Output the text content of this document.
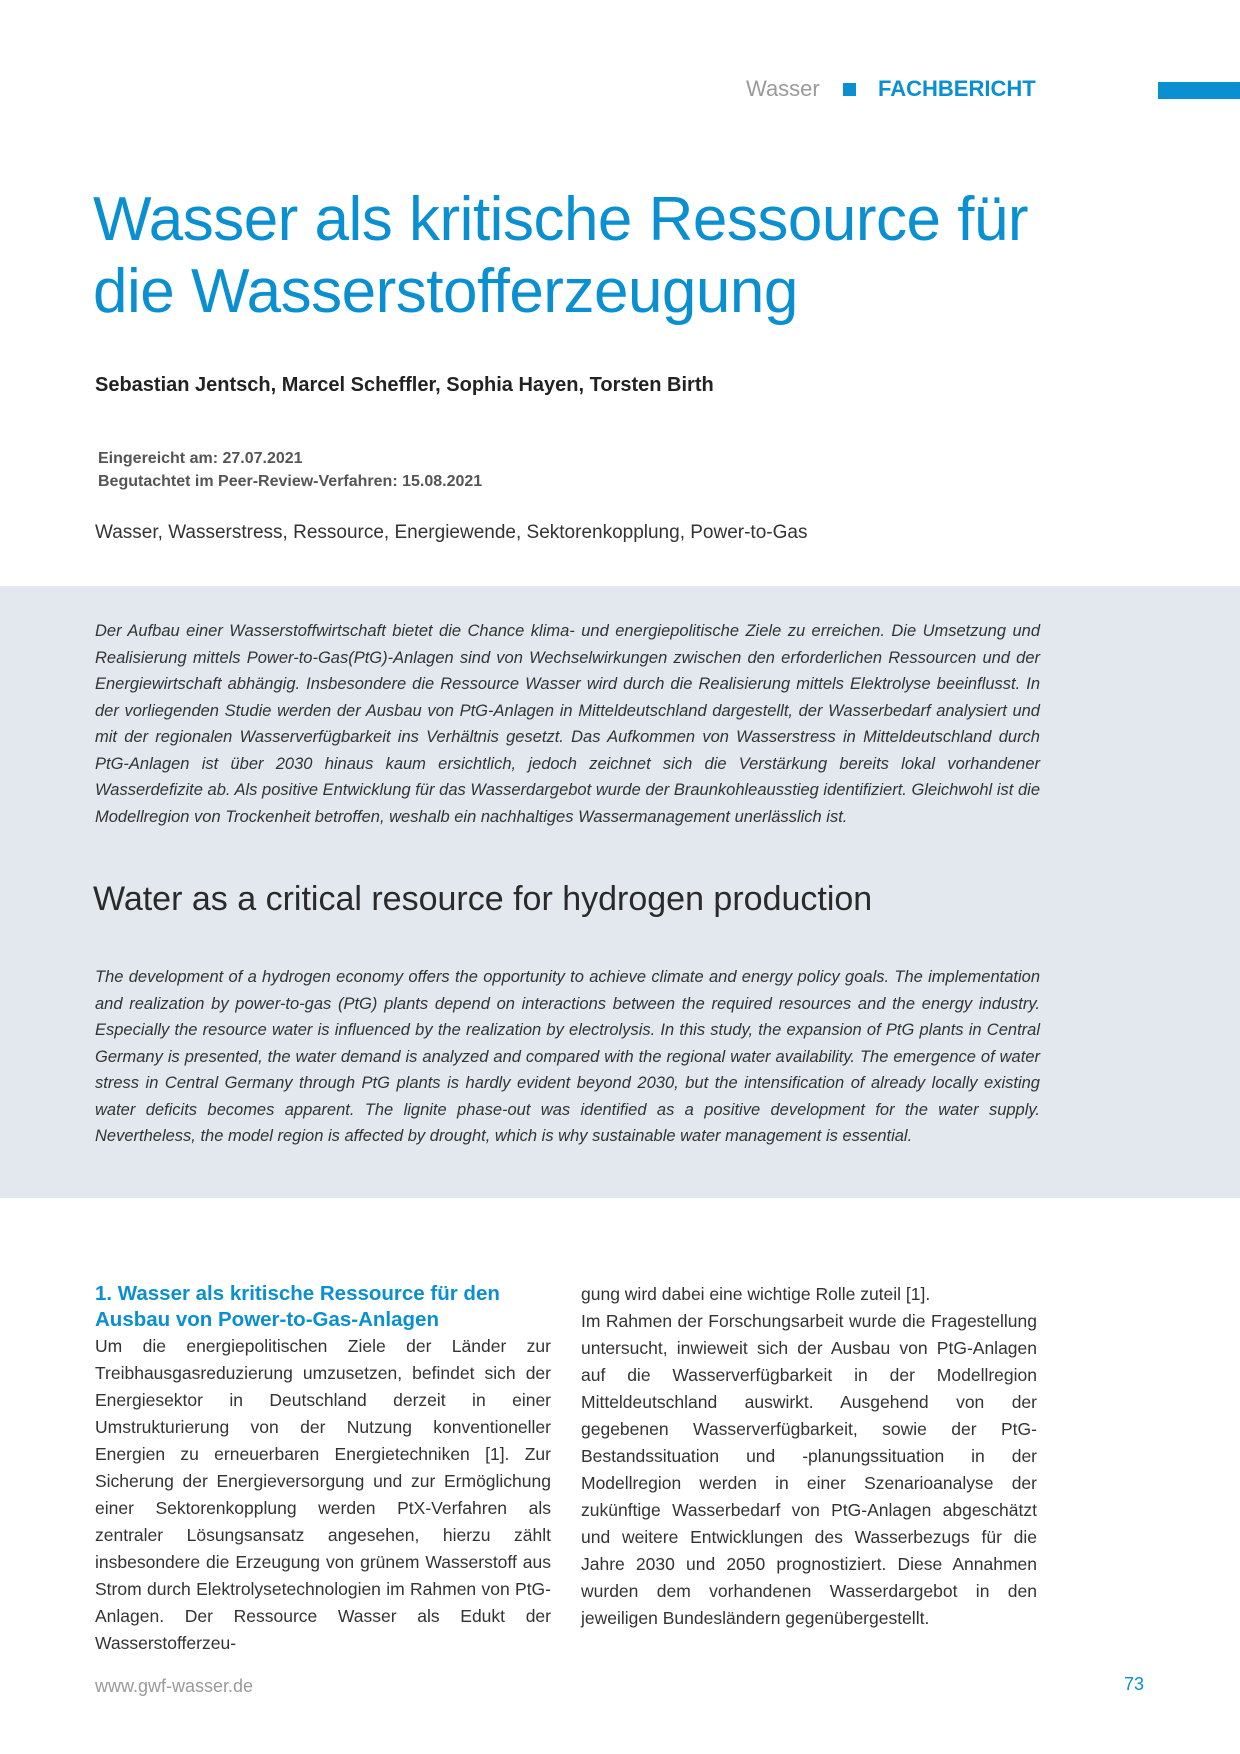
Wasser	FACHBERICHT
Wasser als kritische Ressource für die Wasserstofferzeugung
Sebastian Jentsch, Marcel Scheffler, Sophia Hayen, Torsten Birth
Eingereicht am: 27.07.2021
Begutachtet im Peer-Review-Verfahren: 15.08.2021
Wasser, Wasserstress, Ressource, Energiewende, Sektorenkopplung, Power-to-Gas

Der Aufbau einer Wasserstoffwirtschaft bietet die Chance klima- und energiepolitische Ziele zu erreichen. Die Umsetzung und Realisierung mittels Power-to-Gas(PtG)-Anlagen sind von Wechselwirkungen zwischen den erforderlichen Ressourcen und der Energiewirtschaft abhängig. Insbesondere die Ressource Wasser wird durch die Realisierung mittels Elektrolyse beeinflusst. In der vorliegenden Studie werden der Ausbau von PtG-Anlagen in Mitteldeutschland dargestellt, der Wasserbedarf analysiert und mit der regionalen Wasserverfügbarkeit ins Verhältnis gesetzt. Das Aufkommen von Wasserstress in Mitteldeutschland durch PtG-Anlagen ist über 2030 hinaus kaum ersichtlich, jedoch zeichnet sich die Verstärkung bereits lokal vorhandener Wasserdefizite ab. Als positive Entwicklung für das Wasserdargebot wurde der Braunkohleausstieg identifiziert. Gleichwohl ist die Modellregion von Trockenheit betroffen, weshalb ein nachhaltiges Wassermanagement unerlässlich ist.

Water as a critical resource for hydrogen production

The development of a hydrogen economy offers the opportunity to achieve climate and energy policy goals. The implementation and realization by power-to-gas (PtG) plants depend on interactions between the required resources and the energy industry. Especially the resource water is influenced by the realization by electrolysis. In this study, the expansion of PtG plants in Central Germany is presented, the water demand is analyzed and compared with the regional water availability. The emergence of water stress in Central Germany through PtG plants is hardly evident beyond 2030, but the intensification of already locally existing water deficits becomes apparent. The lignite phase-out was identified as a positive development for the water supply. Nevertheless, the model region is affected by drought, which is why sustainable water management is essential.

1. Wasser als kritische Ressource für den Ausbau von Power-to-Gas-Anlagen

Um die energiepolitischen Ziele der Länder zur Treibhausgasreduzierung umzusetzen, befindet sich der Energiesektor in Deutschland derzeit in einer Umstrukturierung von der Nutzung konventioneller Energien zu erneuerbaren Energietechniken [1]. Zur Sicherung der Energieversorgung und zur Ermöglichung einer Sektorenkopplung werden PtX-Verfahren als zentraler Lösungsansatz angesehen, hierzu zählt insbesondere die Erzeugung von grünem Wasserstoff aus Strom durch Elektrolysetechnologien im Rahmen von PtG-Anlagen. Der Ressource Wasser als Edukt der Wasserstofferzeu-

gung wird dabei eine wichtige Rolle zuteil [1].

Im Rahmen der Forschungsarbeit wurde die Fragestellung untersucht, inwieweit sich der Ausbau von PtG-Anlagen auf die Wasserverfügbarkeit in der Modellregion Mitteldeutschland auswirkt. Ausgehend von der gegebenen Wasserverfügbarkeit, sowie der PtG-Bestandssituation und -planungssituation in der Modellregion werden in einer Szenarioanalyse der zukünftige Wasserbedarf von PtG-Anlagen abgeschätzt und weitere Entwicklungen des Wasserbezugs für die Jahre 2030 und 2050 prognostiziert. Diese Annahmen wurden dem vorhandenen Wasserdargebot in den jeweiligen Bundesländern gegenübergestellt.

www.gwf-wasser.de	73
